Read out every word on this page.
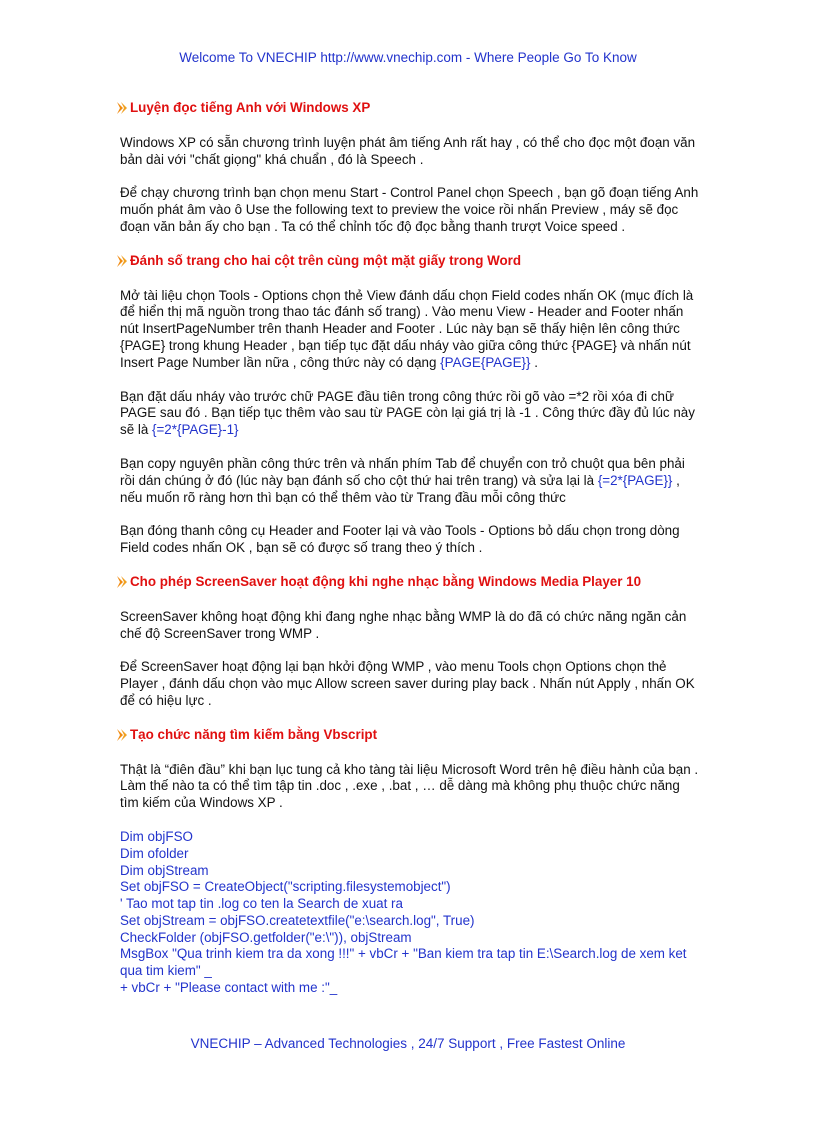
Welcome To VNECHIP http://www.vnechip.com - Where People Go To Know
Luyện đọc tiếng Anh với Windows XP
Windows XP có sẵn chương trình luyện phát âm tiếng Anh rất hay , có thể cho đọc một đoạn văn bản dài với "chất giọng" khá chuẩn , đó là Speech .
Để chạy chương trình bạn chọn menu Start - Control Panel chọn Speech , bạn gõ đoạn tiếng Anh muốn phát âm vào ô Use the following text to preview the voice rồi nhấn Preview , máy sẽ đọc đoạn văn bản ấy cho bạn . Ta có thể chỉnh tốc độ đọc bằng thanh trượt Voice speed .
Đánh số trang cho hai cột trên cùng một mặt giấy trong Word
Mở tài liệu chọn Tools - Options chọn thẻ View đánh dấu chọn Field codes nhấn OK (mục đích là để hiển thị mã nguồn trong thao tác đánh số trang) . Vào menu View - Header and Footer nhấn nút InsertPageNumber trên thanh Header and Footer . Lúc này bạn sẽ thấy hiện lên công thức {PAGE} trong khung Header , bạn tiếp tục đặt dấu nháy vào giữa công thức {PAGE} và nhấn nút Insert Page Number lần nữa , công thức này có dạng {PAGE{PAGE}} .
Bạn đặt dấu nháy vào trước chữ PAGE đầu tiên trong công thức rồi gõ vào =*2 rồi xóa đi chữ PAGE sau đó . Bạn tiếp tục thêm vào sau từ PAGE còn lại giá trị là -1 . Công thức đầy đủ lúc này sẽ là {=2*{PAGE}-1}
Bạn copy nguyên phần công thức trên và nhấn phím Tab để chuyển con trỏ chuột qua bên phải rồi dán chúng ở đó (lúc này bạn đánh số cho cột thứ hai trên trang) và sửa lại là {=2*{PAGE}} , nếu muốn rõ ràng hơn thì bạn có thể thêm vào từ Trang đầu mỗi công thức
Bạn đóng thanh công cụ Header and Footer lại và vào Tools - Options bỏ dấu chọn trong dòng Field codes nhấn OK , bạn sẽ có được số trang theo ý thích .
Cho phép ScreenSaver hoạt động khi nghe nhạc bằng Windows Media Player 10
ScreenSaver không hoạt động khi đang nghe nhạc bằng WMP là do đã có chức năng ngăn cản chế độ ScreenSaver trong WMP .
Để ScreenSaver hoạt động lại bạn hkởi động WMP , vào menu Tools chọn Options chọn thẻ Player , đánh dấu chọn vào mục Allow screen saver during play back . Nhấn nút Apply , nhấn OK để có hiệu lực .
Tạo chức năng tìm kiếm bằng Vbscript
Thật là “điên đầu” khi bạn lục tung cả kho tàng tài liệu Microsoft Word trên hệ điều hành của bạn . Làm thế nào ta có thể tìm tập tin .doc , .exe , .bat , … dễ dàng mà không phụ thuộc chức năng tìm kiếm của Windows XP .
Dim objFSO
Dim ofolder
Dim objStream
Set objFSO = CreateObject("scripting.filesystemobject")
' Tao mot tap tin .log co ten la Search de xuat ra
Set objStream = objFSO.createtextfile("e:\search.log", True)
CheckFolder (objFSO.getfolder("e:\")), objStream
MsgBox "Qua trinh kiem tra da xong !!!" + vbCr + "Ban kiem tra tap tin E:\Search.log de xem ket qua tim kiem" _
+ vbCr + "Please contact with me :"_
VNECHIP – Advanced Technologies , 24/7 Support , Free Fastest Online
